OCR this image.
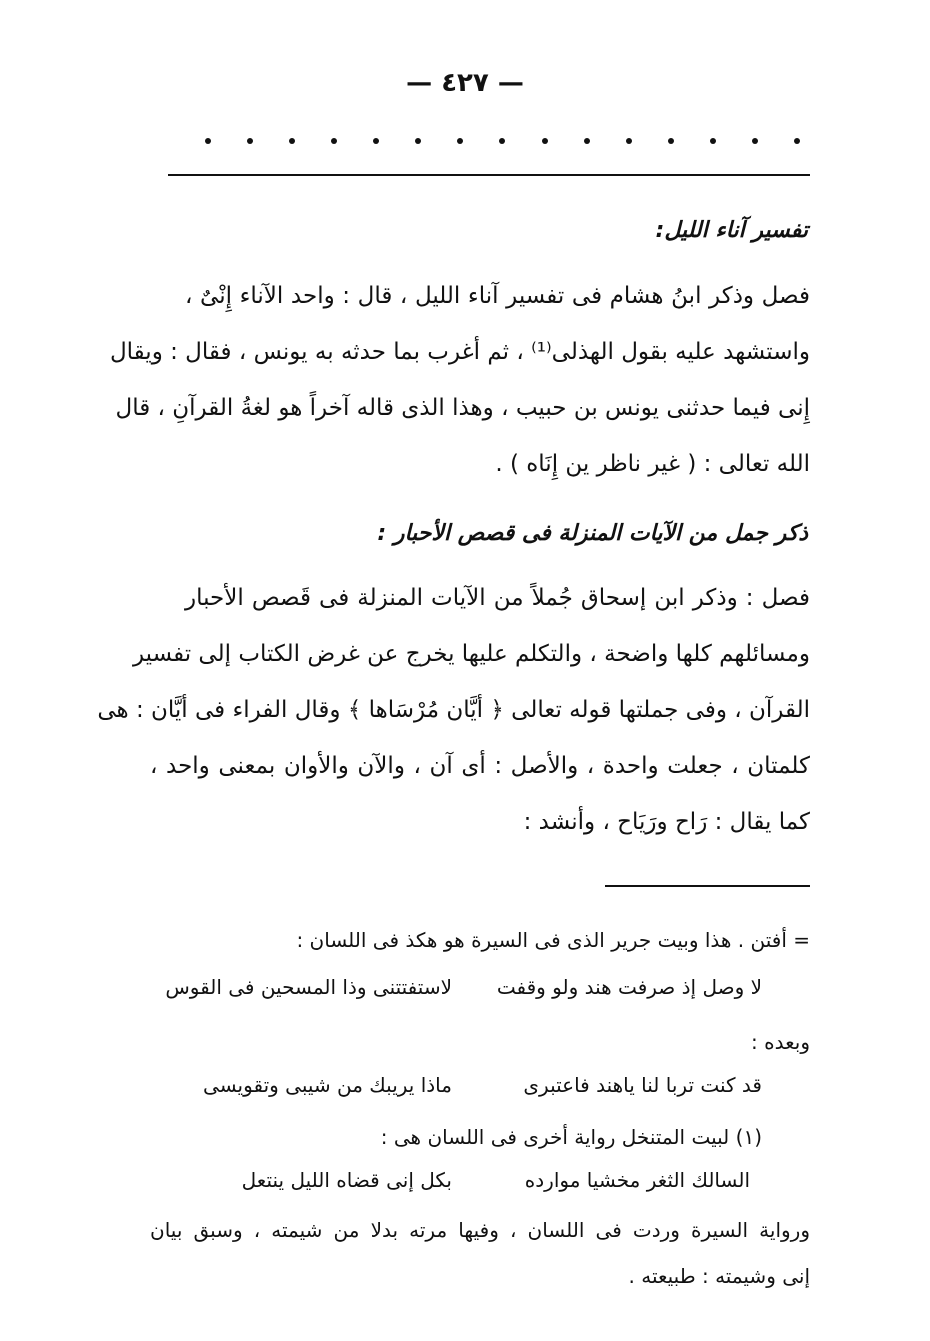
— ٤٢٧ —
تفسير آناء الليل:
فصل وذكر ابنُ هشام فى تفسير آناء الليل ، قال : واحد الآناء إِنْىٌ ،
واستشهد عليه بقول الهذلى⁽¹⁾ ، ثم أغرب بما حدثه به يونس ، فقال : ويقال
إِنى فيما حدثنى يونس بن حبيب ، وهذا الذى قاله آخراً هو لغةُ القرآنِ ، قال
الله تعالى : ( غير ناظر ين إِنَاه ) .
ذكر جمل من الآيات المنزلة فى قصص الأحبار :
فصل : وذكر ابن إسحاق جُملاً من الآيات المنزلة فى قَصص الأحبار
ومسائلهم كلها واضحة ، والتكلم عليها يخرج عن غرض الكتاب إلى تفسير
القرآن ، وفى جملتها قوله تعالى ﴿ أيَّان مُرْسَاها ﴾ وقال الفراء فى أيَّان : هى
كلمتان ، جعلت واحدة ، والأصل : أى آن ، والآن والأوان بمعنى واحد ،
كما يقال : رَاح ورَيَاح ، وأنشد :
= أفتن . هذا وبيت جرير الذى فى السيرة هو هكذ فى اللسان :
لا وصل إذ صرفت هند ولو وقفت
لاستفتتنى وذا المسحين فى القوس
وبعده :
قد كنت تربا لنا ياهند فاعتبرى
ماذا يريبك من شيبى وتقويسى
(١) لبيت المتنخل رواية أخرى فى اللسان هى :
السالك الثغر مخشيا موارده
بكل إنى قضاه الليل ينتعل
ورواية السيرة وردت فى اللسان ، وفيها مرته بدلا من شيمته ، وسبق بيان
إنى وشيمته : طبيعته .
